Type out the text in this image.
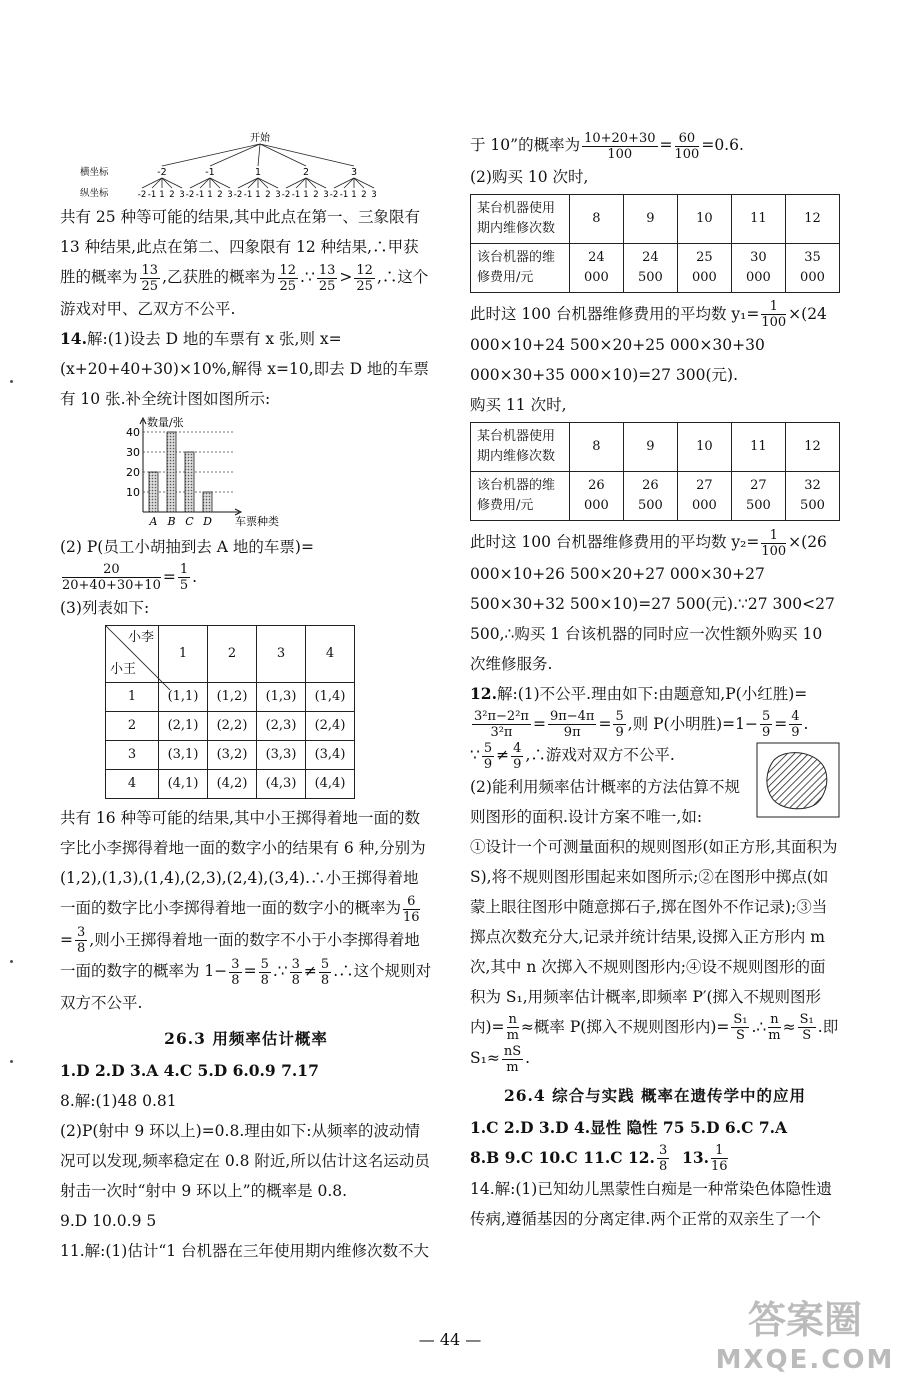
开始
-2
-2 -1 1 2 3
-1
-2 -1 1 2 3
1
-2 -1 1 2 3
2
-2 -1 1 2 3
3
-2 -1 1 2 3
横坐标
纵坐标

共有 25 种等可能的结果,其中此点在第一、三象限有 13 种结果,此点在第二、四象限有 12 种结果,∴甲获胜的概率为 $\frac{13}{25}$ ,乙获胜的概率为 $\frac{12}{25}$ .∵ $\frac{13}{25} > \frac{12}{25}$ ,∴这个游戏对甲、乙双方不公平.

14.解:(1)设去 D 地的车票有 x 张,则 x=(x+20+40+30)×10%,解得 x=10,即去 D 地的车票有 10 张.补全统计图如图所示:

数量/张
车票种类
10
20
30
40
A B C D

(2) P(员工小胡抽到去 A 地的车票)=

$\frac{20}{20+40+30+10} = \frac{1}{5}$ .

(3)列表如下:

小李
小王	1	2	3	4
1	(1,1)	(1,2)	(1,3)	(1,4)
2	(2,1)	(2,2)	(2,3)	(2,4)
3	(3,1)	(3,2)	(3,3)	(3,4)
4	(4,1)	(4,2)	(4,3)	(4,4)

共有 16 种等可能的结果,其中小王掷得着地一面的数字比小李掷得着地一面的数字小的结果有 6 种,分别为(1,2),(1,3),(1,4),(2,3),(2,4),(3,4).∴小王掷得着地一面的数字比小李掷得着地一面的数字小的概率为 $\frac{6}{16}$
= $\frac{3}{8}$ ,则小王掷得着地一面的数字不小于小李掷得着地一面的数字的概率为 $1- \frac{3}{8} = \frac{5}{8}$ .∵ $\frac{3}{8} \ne \frac{5}{8}$ .∴这个规则对双方不公平.

26.3 用频率估计概率

1.D 2.D 3.A 4.C 5.D 6.0.9 7.17

8.解:(1)48 0.81

(2)P(射中 9 环以上)=0.8.理由如下:从频率的波动情况可以发现,频率稳定在 0.8 附近,所以估计这名运动员射击一次时“射中 9 环以上”的概率是 0.8.

9.D 10.0.9 5

11.解:(1)估计“1 台机器在三年使用期内维修次数不大

于 10”的概率为 $\frac{10+20+30}{100} = \frac{60}{100} =0.6$.

(2)购买 10 次时,

某台机器使用期内维修次数	8	9	10	11	12
该台机器的维修费用/元	24 000	24 500	25 000	30 000	35 000

此时这 100 台机器维修费用的平均数 $y_1= \frac{1}{100} \times(24$ 000×10+24 500×20+25 000×30+30 000×30+35 000×10)=27 300(元).

购买 11 次时,

某台机器使用期内维修次数	8	9	10	11	12
该台机器的维修费用/元	26 000	26 500	27 000	27 500	32 500

此时这 100 台机器维修费用的平均数 $y_2= \frac{1}{100} \times(26$ 000×10+26 500×20+27 000×30+27 500×30+32 500×10)=27 500(元).∵27 300<27 500,∴购买 1 台该机器的同时应一次性额外购买 10 次维修服务.

12.解:(1)不公平.理由如下:由题意知,P(小红胜)=
$\frac{\text{3²π−2²π}}{\text{3²π}} = \frac{9\pi-4\pi}{9\pi} = \frac{5}{9}$ ,则 P(小明胜)$=1- \frac{5}{9} = \frac{4}{9}$ .

∵ $\frac{5}{9} \ne \frac{4}{9}$ ,∴游戏对双方不公平.

(2)能利用频率估计概率的方法估算不规则图形的面积.设计方案不唯一,如:

①设计一个可测量面积的规则图形(如正方形,其面积为 S),将不规则图形围起来如图所示;②在图形中掷点(如蒙上眼往图形中随意掷石子,掷在图外不作记录);③当掷点次数充分大,记录并统计结果,设掷入正方形内 m 次,其中 n 次掷入不规则图形内;④设不规则图形的面积为 S₁,用频率估计概率,即频率 P′(掷入不规则图形内)= $\frac{n}{m}$ ≈概率 P(掷入不规则图形内)= $\frac{\text{S₁}}{S}$ .∴ $\frac{n}{m} \approx \frac{\text{S₁}}{S}$ .即 $S_1\approx \frac{nS}{m}$ .

26.4 综合与实践 概率在遗传学中的应用

1.C 2.D 3.D 4.显性 隐性 75 5.D 6.C 7.A

8.B 9.C 10.C 11.C 12. $\frac{3}{8} 13$. $\frac{1}{16}$

14.解:(1)已知幼儿黑蒙性白痴是一种常染色体隐性遗传病,遵循基因的分离定律.两个正常的双亲生了一个

— 44 —	答案圈
MXQE.COM
